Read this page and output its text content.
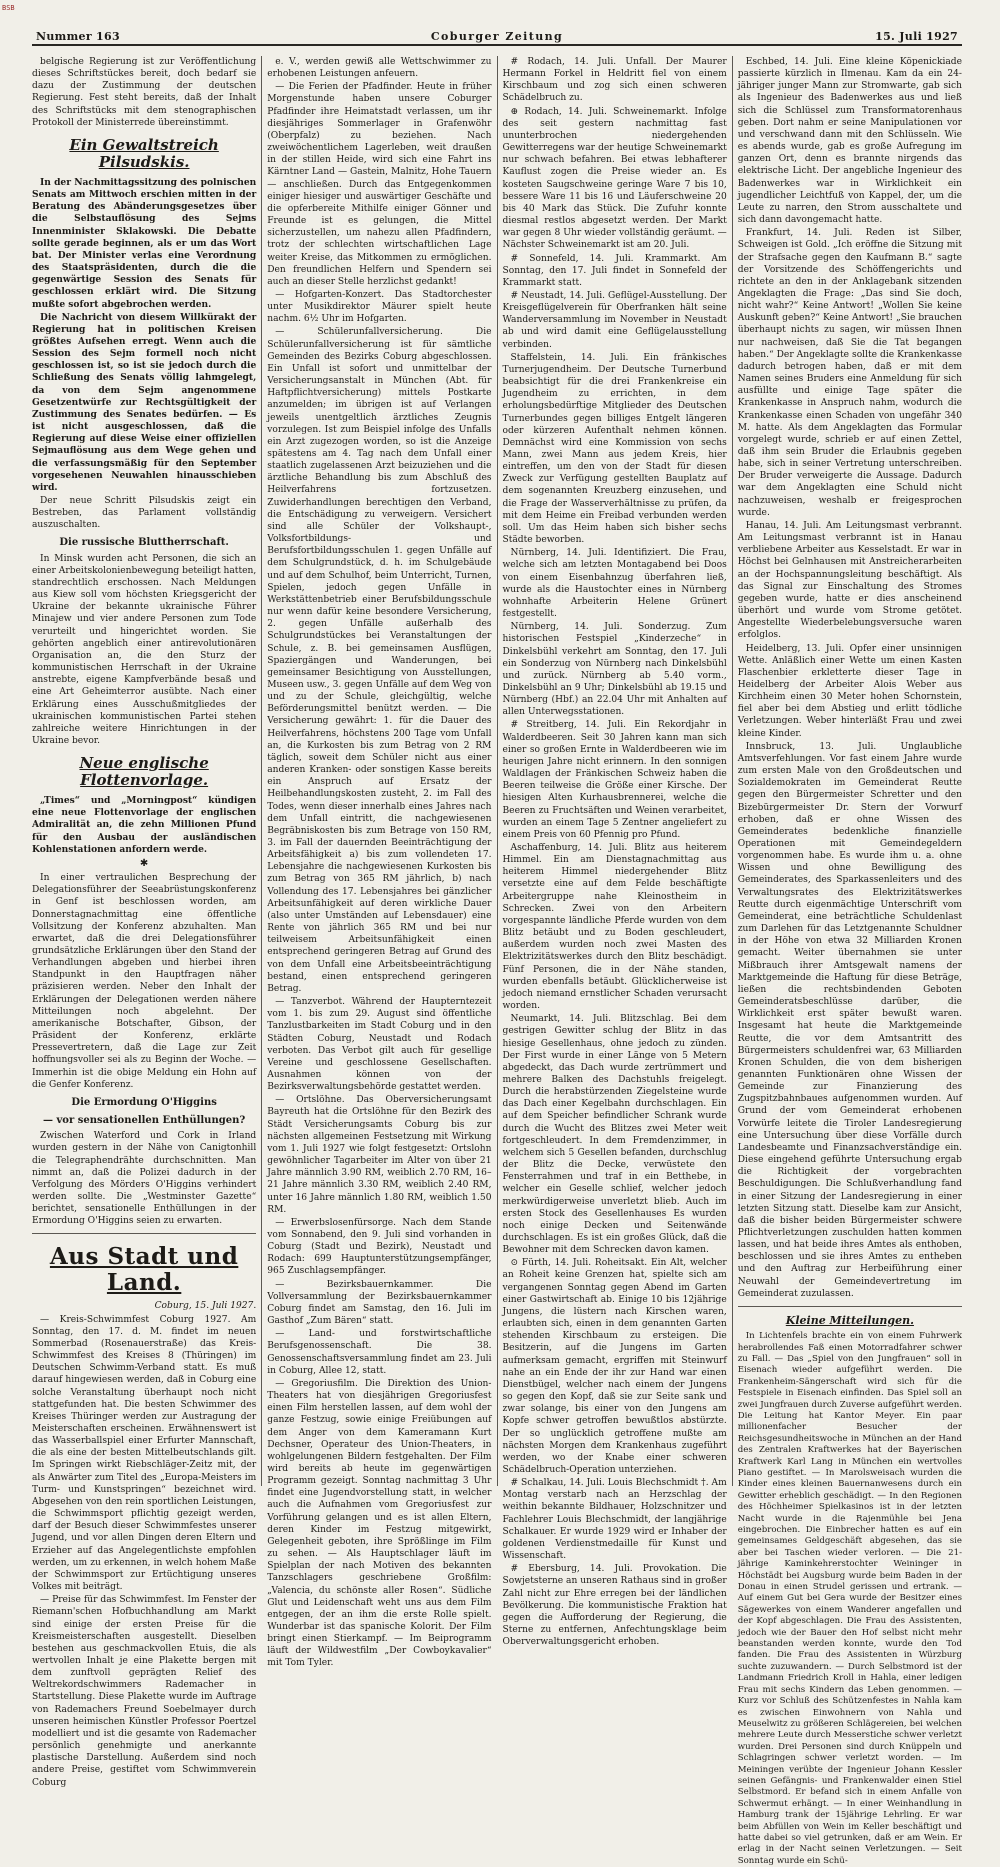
BSB
Nummer 163	Coburger Zeitung	15. Juli 1927

belgische Regierung ist zur Veröffentlichung dieses Schriftstückes bereit, doch bedarf sie dazu der Zustimmung der deutschen Regierung. Fest steht bereits, daß der Inhalt des Schriftstücks mit dem stenographischen Protokoll der Ministerrede übereinstimmt.

Ein Gewaltstreich Pilsudskis.

In der Nachmittagssitzung des polnischen Senats am Mittwoch erschien mitten in der Beratung des Abänderungsgesetzes über die Selbstauflösung des Sejms Innenminister Sklakowski. Die Debatte sollte gerade beginnen, als er um das Wort bat. Der Minister verlas eine Verordnung des Staatspräsidenten, durch die die gegenwärtige Session des Senats für geschlossen erklärt wird. Die Sitzung mußte sofort abgebrochen werden.

Die Nachricht von diesem Willkürakt der Regierung hat in politischen Kreisen größtes Aufsehen erregt. Wenn auch die Session des Sejm formell noch nicht geschlossen ist, so ist sie jedoch durch die Schließung des Senats völlig lahmgelegt, da von dem Sejm angenommene Gesetzentwürfe zur Rechtsgültigkeit der Zustimmung des Senates bedürfen. — Es ist nicht ausgeschlossen, daß die Regierung auf diese Weise einer offiziellen Sejmauflösung aus dem Wege gehen und die verfassungsmäßig für den September vorgesehenen Neuwahlen hinausschieben wird.

Der neue Schritt Pilsudskis zeigt ein Bestreben, das Parlament vollständig auszuschalten.

Die russische Bluttherrschaft.

In Minsk wurden acht Personen, die sich an einer Arbeitskolonienbewegung beteiligt hatten, standrechtlich erschossen. Nach Meldungen aus Kiew soll vom höchsten Kriegsgericht der Ukraine der bekannte ukrainische Führer Minajew und vier andere Personen zum Tode verurteilt und hingerichtet worden. Sie gehörten angeblich einer antirevolutionären Organisation an, die den Sturz der kommunistischen Herrschaft in der Ukraine anstrebte, eigene Kampfverbände besaß und eine Art Geheimterror ausübte. Nach einer Erklärung eines Ausschußmitgliedes der ukrainischen kommunistischen Partei stehen zahlreiche weitere Hinrichtungen in der Ukraine bevor.

Neue englische Flottenvorlage.

„Times“ und „Morningpost“ kündigen eine neue Flottenvorlage der englischen Admiralität an, die zehn Millionen Pfund für den Ausbau der ausländischen Kohlenstationen anfordern werde.

✱

In einer vertraulichen Besprechung der Delegationsführer der Seeabrüstungskonferenz in Genf ist beschlossen worden, am Donnerstagnachmittag eine öffentliche Vollsitzung der Konferenz abzuhalten. Man erwartet, daß die drei Delegationsführer grundsätzliche Erklärungen über den Stand der Verhandlungen abgeben und hierbei ihren Standpunkt in den Hauptfragen näher präzisieren werden. Neber den Inhalt der Erklärungen der Delegationen werden nähere Mitteilungen noch abgelehnt. Der amerikanische Botschafter, Gibson, der Präsident der Konferenz, erklärte Pressevertretern, daß die Lage zur Zeit hoffnungsvoller sei als zu Beginn der Woche. — Immerhin ist die obige Meldung ein Hohn auf die Genfer Konferenz.

Die Ermordung O'Higgins
— vor sensationellen Enthüllungen?

Zwischen Waterford und Cork in Irland wurden gestern in der Nähe von Canigtonhill die Telegraphendrähte durchschnitten. Man nimmt an, daß die Polizei dadurch in der Verfolgung des Mörders O'Higgins verhindert werden sollte. Die „Westminster Gazette“ berichtet, sensationelle Enthüllungen in der Ermordung O'Higgins seien zu erwarten.

Aus Stadt und Land.

Coburg, 15. Juli 1927.

— Kreis-Schwimmfest Coburg 1927. Am Sonntag, den 17. d. M. findet im neuen Sommerbad (Rosenauerstraße) das Kreis-Schwimmfest des Kreises 8 (Thüringen) im Deutschen Schwimm-Verband statt. Es muß darauf hingewiesen werden, daß in Coburg eine solche Veranstaltung überhaupt noch nicht stattgefunden hat. Die besten Schwimmer des Kreises Thüringer werden zur Austragung der Meisterschaften erscheinen. Erwähnenswert ist das Wasserballspiel einer Erfurter Mannschaft, die als eine der besten Mittelbeutschlands gilt. Im Springen wirkt Riebschläger-Zeitz mit, der als Anwärter zum Titel des „Europa-Meisters im Turm- und Kunstspringen“ bezeichnet wird. Abgesehen von den rein sportlichen Leistungen, die Schwimmsport pflichtig gezeigt werden, darf der Besuch dieser Schwimmfestes unserer Jugend, und vor allen Dingen deren Eltern und Erzieher auf das Angelegentlichste empfohlen werden, um zu erkennen, in welch hohem Maße der Schwimmsport zur Ertüchtigung unseres Volkes mit beiträgt.

— Preise für das Schwimmfest. Im Fenster der Riemann'schen Hofbuchhandlung am Markt sind einige der ersten Preise für die Kreismeisterschaften ausgestellt. Dieselben bestehen aus geschmackvollen Etuis, die als wertvollen Inhalt je eine Plakette bergen mit dem zunftvoll geprägten Relief des Weltrekordschwimmers Rademacher in Startstellung. Diese Plakette wurde im Auftrage von Rademachers Freund Soebelmayer durch unseren heimischen Künstler Professor Poertzel modelliert und ist die gesamte von Rademacher persönlich genehmigte und anerkannte plastische Darstellung. Außerdem sind noch andere Preise, gestiftet vom Schwimmverein Coburg

e. V., werden gewiß alle Wettschwimmer zu erhobenen Leistungen anfeuern.

— Die Ferien der Pfadfinder. Heute in früher Morgenstunde haben unsere Coburger Pfadfinder ihre Heimatstadt verlassen, um ihr diesjähriges Sommerlager in Grafenwöhr (Oberpfalz) zu beziehen. Nach zweiwöchentlichem Lagerleben, weit draußen in der stillen Heide, wird sich eine Fahrt ins Kärntner Land — Gastein, Malnitz, Hohe Tauern — anschließen. Durch das Entgegenkommen einiger hiesiger und auswärtiger Geschäfte und die opferbereite Mithilfe einiger Gönner und Freunde ist es gelungen, die Mittel sicherzustellen, um nahezu allen Pfadfindern, trotz der schlechten wirtschaftlichen Lage weiter Kreise, das Mitkommen zu ermöglichen. Den freundlichen Helfern und Spendern sei auch an dieser Stelle herzlichst gedankt!

— Hofgarten-Konzert. Das Stadtorchester unter Musikdirektor Mäurer spielt heute nachm. 6½ Uhr im Hofgarten.

— Schülerunfallversicherung. Die Schülerunfallversicherung ist für sämtliche Gemeinden des Bezirks Coburg abgeschlossen. Ein Unfall ist sofort und unmittelbar der Versicherungsanstalt in München (Abt. für Haftpflichtversicherung) mittels Postkarte anzumelden; im übrigen ist auf Verlangen jeweils unentgeltlich ärztliches Zeugnis vorzulegen. Ist zum Beispiel infolge des Unfalls ein Arzt zugezogen worden, so ist die Anzeige spätestens am 4. Tag nach dem Unfall einer staatlich zugelassenen Arzt beizuziehen und die ärztliche Behandlung bis zum Abschluß des Heilverfahrens fortzusetzen. Zuwiderhandlungen berechtigen den Verband, die Entschädigung zu verweigern. Versichert sind alle Schüler der Volkshaupt-, Volksfortbildungs- und Berufsfortbildungsschulen 1. gegen Unfälle auf dem Schulgrundstück, d. h. im Schulgebäude und auf dem Schulhof, beim Unterricht, Turnen, Spielen, jedoch gegen Unfälle in Werkstättenbetrieb einer Berufsbildungsschule nur wenn dafür keine besondere Versicherung, 2. gegen Unfälle außerhalb des Schulgrundstückes bei Veranstaltungen der Schule, z. B. bei gemeinsamen Ausflügen, Spaziergängen und Wanderungen, bei gemeinsamer Besichtigung von Ausstellungen, Museen usw., 3. gegen Unfälle auf dem Weg von und zu der Schule, gleichgültig, welche Beförderungsmittel benützt werden. — Die Versicherung gewährt: 1. für die Dauer des Heilverfahrens, höchstens 200 Tage vom Unfall an, die Kurkosten bis zum Betrag von 2 RM täglich, soweit dem Schüler nicht aus einer anderen Kranken- oder sonstigen Kasse bereits ein Anspruch auf Ersatz der Heilbehandlungskosten zusteht, 2. im Fall des Todes, wenn dieser innerhalb eines Jahres nach dem Unfall eintritt, die nachgewiesenen Begräbniskosten bis zum Betrage von 150 RM, 3. im Fall der dauernden Beeinträchtigung der Arbeitsfähigkeit a) bis zum vollendeten 17. Lebensjahre die nachgewiesenen Kurkosten bis zum Betrag von 365 RM jährlich, b) nach Vollendung des 17. Lebensjahres bei gänzlicher Arbeitsunfähigkeit auf deren wirkliche Dauer (also unter Umständen auf Lebensdauer) eine Rente von jährlich 365 RM und bei nur teilweisem Arbeitsunfähigkeit einen entsprechend geringeren Betrag auf Grund des von dem Unfall eine Arbeitsbeeinträchtigung bestand, einen entsprechend geringeren Betrag.

— Tanzverbot. Während der Haupterntezeit vom 1. bis zum 29. August sind öffentliche Tanzlustbarkeiten im Stadt Coburg und in den Städten Coburg, Neustadt und Rodach verboten. Das Verbot gilt auch für gesellige Vereine und geschlossene Gesellschaften. Ausnahmen können von der Bezirksverwaltungsbehörde gestattet werden.

— Ortslöhne. Das Oberversicherungsamt Bayreuth hat die Ortslöhne für den Bezirk des Städt Versicherungsamts Coburg bis zur nächsten allgemeinen Festsetzung mit Wirkung vom 1. Juli 1927 wie folgt festgesetzt: Ortslohn gewöhnlicher Tagarbeiter im Alter von über 21 Jahre männlich 3.90 RM, weiblich 2.70 RM, 16–21 Jahre männlich 3.30 RM, weiblich 2.40 RM, unter 16 Jahre männlich 1.80 RM, weiblich 1.50 RM.

— Erwerbslosenfürsorge. Nach dem Stande vom Sonnabend, den 9. Juli sind vorhanden in Coburg (Stadt und Bezirk), Neustadt und Rodach: 699 Hauptunterstützungsempfänger, 965 Zuschlagsempfänger.

— Bezirksbauernkammer. Die Vollversammlung der Bezirksbauernkammer Coburg findet am Samstag, den 16. Juli im Gasthof „Zum Bären“ statt.

— Land- und forstwirtschaftliche Berufsgenossenschaft. Die 38. Genossenschaftsversammlung findet am 23. Juli in Coburg, Allee 12, statt.

— Gregoriusfilm. Die Direktion des Union-Theaters hat von diesjährigen Gregoriusfest einen Film herstellen lassen, auf dem wohl der ganze Festzug, sowie einige Freiübungen auf dem Anger von dem Kameramann Kurt Dechsner, Operateur des Union-Theaters, in wohlgelungenen Bildern festgehalten. Der Film wird bereits ab heute im gegenwärtigen Programm gezeigt. Sonntag nachmittag 3 Uhr findet eine Jugendvorstellung statt, in welcher auch die Aufnahmen vom Gregoriusfest zur Vorführung gelangen und es ist allen Eltern, deren Kinder im Festzug mitgewirkt, Gelegenheit geboten, ihre Sprößlinge im Film zu sehen. — Als Hauptschlager läuft im Spielplan der nach Motiven des bekannten Tanzschlagers geschriebene Großfilm: „Valencia, du schönste aller Rosen“. Südliche Glut und Leidenschaft weht uns aus dem Film entgegen, der an ihm die erste Rolle spielt. Wunderbar ist das spanische Kolorit. Der Film bringt einen Stierkampf. — Im Beiprogramm läuft der Wildwestfilm „Der Cowboykavalier“ mit Tom Tyler.

# Rodach, 14. Juli. Unfall. Der Maurer Hermann Forkel in Heldritt fiel von einem Kirschbaum und zog sich einen schweren Schädelbruch zu.

⊕ Rodach, 14. Juli. Schweinemarkt. Infolge des seit gestern nachmittag fast ununterbrochen niedergehenden Gewitterregens war der heutige Schweinemarkt nur schwach befahren. Bei etwas lebhafterer Kauflust zogen die Preise wieder an. Es kosteten Saugschweine geringe Ware 7 bis 10, bessere Ware 11 bis 16 und Läuferschweine 20 bis 40 Mark das Stück. Die Zufuhr konnte diesmal restlos abgesetzt werden. Der Markt war gegen 8 Uhr wieder vollständig geräumt. — Nächster Schweinemarkt ist am 20. Juli.

# Sonnefeld, 14. Juli. Krammarkt. Am Sonntag, den 17. Juli findet in Sonnefeld der Krammarkt statt.

# Neustadt, 14. Juli. Geflügel-Ausstellung. Der Kreisgeflügelverein für Oberfranken hält seine Wanderversammlung im November in Neustadt ab und wird damit eine Geflügelausstellung verbinden.

Staffelstein, 14. Juli. Ein fränkisches Turnerjugendheim. Der Deutsche Turnerbund beabsichtigt für die drei Frankenkreise ein Jugendheim zu errichten, in dem erholungsbedürftige Mitglieder des Deutschen Turnerbundes gegen billiges Entgelt längeren oder kürzeren Aufenthalt nehmen können. Demnächst wird eine Kommission von sechs Mann, zwei Mann aus jedem Kreis, hier eintreffen, um den von der Stadt für diesen Zweck zur Verfügung gestellten Bauplatz auf dem sogenannten Kreuzberg einzusehen, und die Frage der Wasserverhältnisse zu prüfen, da mit dem Heime ein Freibad verbunden werden soll. Um das Heim haben sich bisher sechs Städte beworben.

Nürnberg, 14. Juli. Identifiziert. Die Frau, welche sich am letzten Montagabend bei Doos von einem Eisenbahnzug überfahren ließ, wurde als die Haustochter eines in Nürnberg wohnhafte Arbeiterin Helene Grünert festgestellt.

Nürnberg, 14. Juli. Sonderzug. Zum historischen Festspiel „Kinderzeche“ in Dinkelsbühl verkehrt am Sonntag, den 17. Juli ein Sonderzug von Nürnberg nach Dinkelsbühl und zurück. Nürnberg ab 5.40 vorm., Dinkelsbühl an 9 Uhr; Dinkelsbühl ab 19.15 und Nürnberg (Hbf.) an 22.04 Uhr mit Anhalten auf allen Unterwegsstationen.

# Streitberg, 14. Juli. Ein Rekordjahr in Walderdbeeren. Seit 30 Jahren kann man sich einer so großen Ernte in Walderdbeeren wie im heurigen Jahre nicht erinnern. In den sonnigen Waldlagen der Fränkischen Schweiz haben die Beeren teilweise die Größe einer Kirsche. Der hiesigen Alten Kurhausbrennerei, welche die Beeren zu Fruchtsäften und Weinen verarbeitet, wurden an einem Tage 5 Zentner angeliefert zu einem Preis von 60 Pfennig pro Pfund.

Aschaffenburg, 14. Juli. Blitz aus heiterem Himmel. Ein am Dienstagnachmittag aus heiterem Himmel niedergehender Blitz versetzte eine auf dem Felde beschäftigte Arbeitergruppe nahe Kleinostheim in Schrecken. Zwei von den Arbeitern vorgespannte ländliche Pferde wurden von dem Blitz betäubt und zu Boden geschleudert, außerdem wurden noch zwei Masten des Elektrizitätswerkes durch den Blitz beschädigt. Fünf Personen, die in der Nähe standen, wurden ebenfalls betäubt. Glücklicherweise ist jedoch niemand ernstlicher Schaden verursacht worden.

Neumarkt, 14. Juli. Blitzschlag. Bei dem gestrigen Gewitter schlug der Blitz in das hiesige Gesellenhaus, ohne jedoch zu zünden. Der First wurde in einer Länge von 5 Metern abgedeckt, das Dach wurde zertrümmert und mehrere Balken des Dachstuhls freigelegt. Durch die herabstürzenden Ziegelsteine wurde das Dach einer Kegelbahn durchschlagen. Ein auf dem Speicher befindlicher Schrank wurde durch die Wucht des Blitzes zwei Meter weit fortgeschleudert. In dem Fremdenzimmer, in welchem sich 5 Gesellen befanden, durchschlug der Blitz die Decke, verwüstete den Fensterrahmen und traf in ein Betthebe, in welcher ein Geselle schlief, welcher jedoch merkwürdigerweise unverletzt blieb. Auch im ersten Stock des Gesellenhauses Es wurden noch einige Decken und Seitenwände durchschlagen. Es ist ein großes Glück, daß die Bewohner mit dem Schrecken davon kamen.

⊙ Fürth, 14. Juli. Roheitsakt. Ein Alt, welcher an Roheit keine Grenzen hat, spielte sich am vergangenen Sonntag gegen Abend im Garten einer Gastwirtschaft ab. Einige 10 bis 12jährige Jungens, die lüstern nach Kirschen waren, erlaubten sich, einen in dem genannten Garten stehenden Kirschbaum zu ersteigen. Die Besitzerin, auf die Jungens im Garten aufmerksam gemacht, ergriffen mit Steinwurf nahe an ein Ende der ihr zur Hand war einen Dienstbügel, welcher nach einem der Jungens so gegen den Kopf, daß sie zur Seite sank und zwar solange, bis einer von den Jungens am Kopfe schwer getroffen bewußtlos abstürzte. Der so unglücklich getroffene mußte am nächsten Morgen dem Krankenhaus zugeführt werden, wo der Knabe einer schweren Schädelbruch-Operation unterziehen.

# Schalkau, 14. Juli. Louis Blechschmidt †. Am Montag verstarb nach an Herzschlag der weithin bekannte Bildhauer, Holzschnitzer und Fachlehrer Louis Blechschmidt, der langjährige Schalkauer. Er wurde 1929 wird er Inhaber der goldenen Verdienstmedaille für Kunst und Wissenschaft.

# Ebersburg, 14. Juli. Provokation. Die Sowjetsterne an unseren Rathaus sind in großer Zahl nicht zur Ehre erregen bei der ländlichen Bevölkerung. Die kommunistische Fraktion hat gegen die Aufforderung der Regierung, die Sterne zu entfernen, Anfechtungsklage beim Oberverwaltungsgericht erhoben.

Eschbed, 14. Juli. Eine kleine Köpenickiade passierte kürzlich in Ilmenau. Kam da ein 24-jähriger junger Mann zur Stromwarte, gab sich als Ingenieur des Badenwerkes aus und ließ sich die Schlüssel zum Transformatorenhaus geben. Dort nahm er seine Manipulationen vor und verschwand dann mit den Schlüsseln. Wie es abends wurde, gab es große Aufregung im ganzen Ort, denn es brannte nirgends das elektrische Licht. Der angebliche Ingenieur des Badenwerkes war in Wirklichkeit ein jugendlicher Leichtfuß von Kappel, der, um die Leute zu narren, den Strom ausschaltete und sich dann davongemacht hatte.

Frankfurt, 14. Juli. Reden ist Silber, Schweigen ist Gold. „Ich eröffne die Sitzung mit der Strafsache gegen den Kaufmann B.“ sagte der Vorsitzende des Schöffengerichts und richtete an den in der Anklagebank sitzenden Angeklagten die Frage: „Das sind Sie doch, nicht wahr?“ Keine Antwort! „Wollen Sie keine Auskunft geben?“ Keine Antwort! „Sie brauchen überhaupt nichts zu sagen, wir müssen Ihnen nur nachweisen, daß Sie die Tat begangen haben.“ Der Angeklagte sollte die Krankenkasse dadurch betrogen haben, daß er mit dem Namen seines Bruders eine Anmeldung für sich ausfüllte und einige Tage später die Krankenkasse in Anspruch nahm, wodurch die Krankenkasse einen Schaden von ungefähr 340 M. hatte. Als dem Angeklagten das Formular vorgelegt wurde, schrieb er auf einen Zettel, daß ihm sein Bruder die Erlaubnis gegeben habe, sich in seiner Vertretung unterschreiben. Der Bruder verweigerte die Aussage. Dadurch war dem Angeklagten eine Schuld nicht nachzuweisen, weshalb er freigesprochen wurde.

Hanau, 14. Juli. Am Leitungsmast verbrannt. Am Leitungsmast verbrannt ist in Hanau verbliebene Arbeiter aus Kesselstadt. Er war in Höchst bei Gelnhausen mit Anstreicherarbeiten an der Hochspannungsleitung beschäftigt. Als das Signal zur Einschaltung des Stromes gegeben wurde, hatte er dies anscheinend überhört und wurde vom Strome getötet. Angestellte Wiederbelebungsversuche waren erfolglos.

Heidelberg, 13. Juli. Opfer einer unsinnigen Wette. Anläßlich einer Wette um einen Kasten Flaschenbier erkletterte dieser Tage in Heidelberg der Arbeiter Alois Weber aus Kirchheim einen 30 Meter hohen Schornstein, fiel aber bei dem Abstieg und erlitt tödliche Verletzungen. Weber hinterläßt Frau und zwei kleine Kinder.

Innsbruck, 13. Juli. Unglaubliche Amtsverfehlungen. Vor fast einem Jahre wurde zum ersten Male von den Großdeutschen und Sozialdemokraten im Gemeinderat Reutte gegen den Bürgermeister Schretter und den Bizebürgermeister Dr. Stern der Vorwurf erhoben, daß er ohne Wissen des Gemeinderates bedenkliche finanzielle Operationen mit Gemeindegeldern vorgenommen habe. Es wurde ihm u. a. ohne Wissen und ohne Bewilligung des Gemeinderates, des Sparkassenleiters und des Verwaltungsrates des Elektrizitätswerkes Reutte durch eigenmächtige Unterschrift vom Gemeinderat, eine beträchtliche Schuldenlast zum Darlehen für das Letztgenannte Schuldner in der Höhe von etwa 32 Milliarden Kronen gemacht. Weiter übernahmen sie unter Mißbrauch ihrer Amtsgewalt namens der Marktgemeinde die Haftung für diese Beträge, ließen die rechtsbindenden Geboten Gemeinderatsbeschlüsse darüber, die Wirklichkeit erst später bewußt waren. Insgesamt hat heute die Marktgemeinde Reutte, die vor dem Amtsantritt des Bürgermeisters schuldenfrei war, 63 Milliarden Kronen Schulden, die von dem bisherigen genannten Funktionären ohne Wissen der Gemeinde zur Finanzierung des Zugspitzbahnbaues aufgenommen wurden. Auf Grund der vom Gemeinderat erhobenen Vorwürfe leitete die Tiroler Landesregierung eine Untersuchung über diese Vorfälle durch Landesbeamte und Finanzsachverständige ein. Diese eingehend geführte Untersuchung ergab die Richtigkeit der vorgebrachten Beschuldigungen. Die Schlußverhandlung fand in einer Sitzung der Landesregierung in einer letzten Sitzung statt. Dieselbe kam zur Ansicht, daß die bisher beiden Bürgermeister schwere Pflichtverletzungen zuschulden hatten kommen lassen, und hat beide ihres Amtes als enthoben, beschlossen und sie ihres Amtes zu entheben und den Auftrag zur Herbeiführung einer Neuwahl der Gemeindevertretung im Gemeinderat zuzulassen.

Kleine Mitteilungen.

In Lichtenfels brachte ein von einem Fuhrwerk herabrollendes Faß einen Motorradfahrer schwer zu Fall. — Das „Spiel von den Jungfrauen“ soll in Eisenach wieder aufgeführt werden. Die Frankenheim-Sängerschaft wird sich für die Festspiele in Eisenach einfinden. Das Spiel soll an zwei Jungfrauen durch Zuverse aufgeführt werden. Die Leitung hat Kantor Meyer. Ein paar millionenfacher Besucher der Reichsgesundheitswoche in München an der Hand des Zentralen Kraftwerkes hat der Bayerischen Kraftwerk Karl Lang in München ein wertvolles Piano gestiftet. — In Marolsweisach wurden die Kinder eines kleinen Bauernanwesens durch ein Gewitter erheblich geschädigt. — In den Regionen des Höchheimer Spielkasinos ist in der letzten Nacht wurde in die Rajenmühle bei Jena eingebrochen. Die Einbrecher hatten es auf ein gemeinsames Geldgeschäft abgesehen, das sie aber bei Taschen wieder verloren. — Die 21-jährige Kaminkehrerstochter Weininger in Höchstädt bei Augsburg wurde beim Baden in der Donau in einen Strudel gerissen und ertrank. — Auf einem Gut bei Gera wurde der Besitzer eines Sägewerkes von einem Wanderer angefallen und der Kopf abgeschlagen. Die Frau des Assistenten, jedoch wie der Bauer den Hof selbst nicht mehr beanstanden werden konnte, wurde den Tod fanden. Die Frau des Assistenten in Würzburg suchte zuzuwandern. — Durch Selbstmord ist der Landmann Friedrich Kroll in Hahla, einer ledigen Frau mit sechs Kindern das Leben genommen. — Kurz vor Schluß des Schützenfestes in Nahla kam es zwischen Einwohnern von Nahla und Meuselwitz zu größeren Schlägereien, bei welchen mehrere Leute durch Messerstiche schwer verletzt wurden. Drei Personen sind durch Knüppeln und Schlagringen schwer verletzt worden. — Im Meiningen verübte der Ingenieur Johann Kessler seinen Gefängnis- und Frankenwalder einen Stiel Selbstmord. Er befand sich in einem Anfalle von Schwermut erhängt. — In einer Weinhandlung in Hamburg trank der 15jährige Lehrling. Er war beim Abfüllen von Wein im Keller beschäftigt und hatte dabei so viel getrunken, daß er am Wein. Er erlag in der Nacht seinen Verletzungen. — Seit Sonntag wurde ein Schü-
